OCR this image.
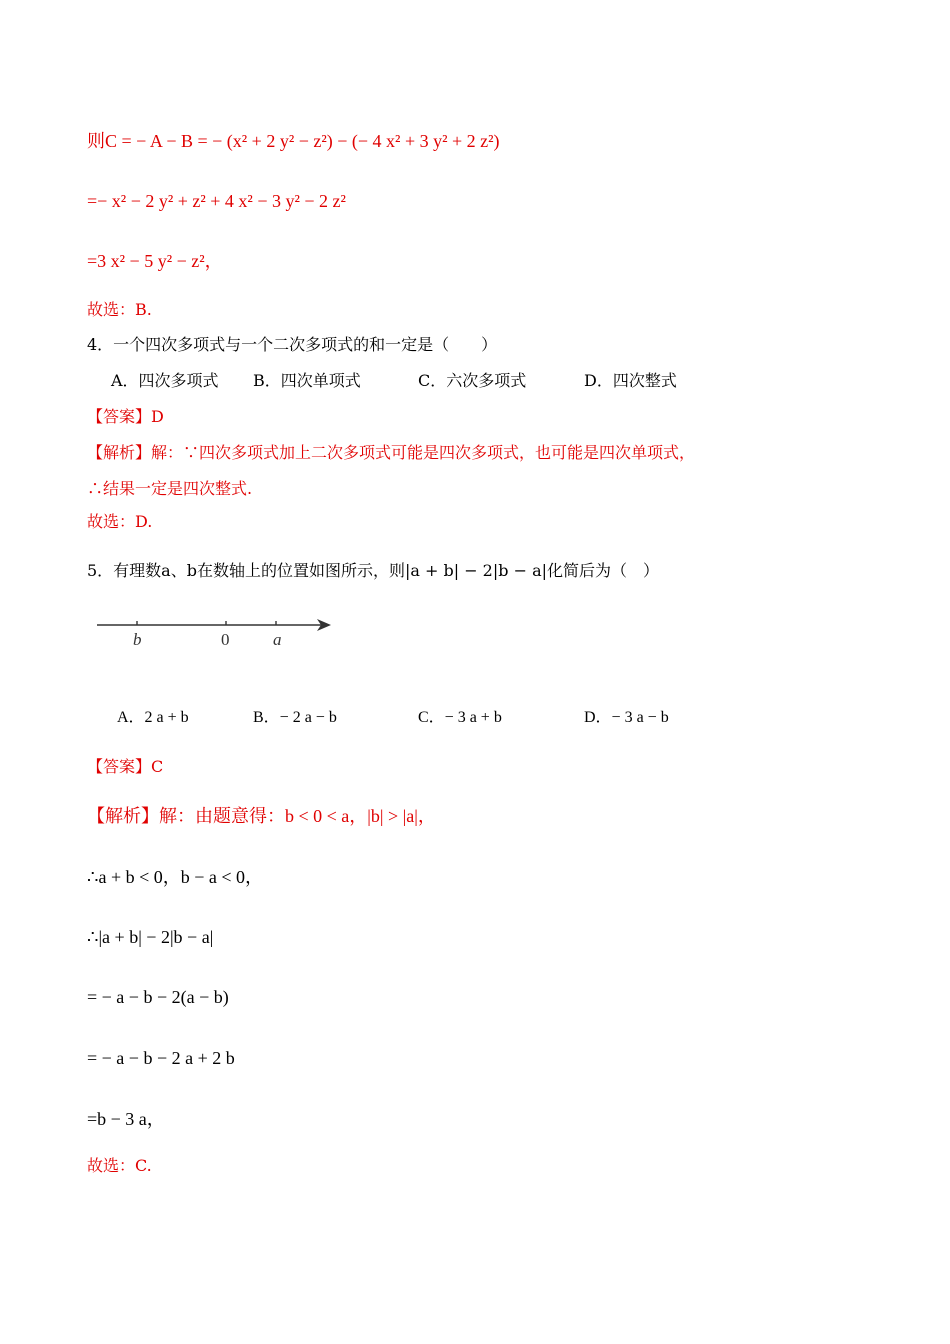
则C = − A − B = − (x² + 2 y² − z²) − (− 4 x² + 3 y² + 2 z²)
=− x² − 2 y² + z² + 4 x² − 3 y² − 2 z²
=3 x² − 5 y² − z²，
故选：B.
4．一个四次多项式与一个二次多项式的和一定是（　　）
A．四次多项式 B．四次单项式	C．六次多项式	D．四次整式
【答案】D
【解析】解：∵四次多项式加上二次多项式可能是四次多项式，也可能是四次单项式，
∴结果一定是四次整式.
故选：D.
5．有理数a、b在数轴上的位置如图所示，则|a + b| − 2|b − a|化简后为（　）
b	0	a
A．2 a + b	B．− 2 a − b	C．− 3 a + b	D．− 3 a − b
【答案】C
【解析】解：由题意得：b < 0 < a，|b| > |a|，
∴a + b < 0，b − a < 0，
∴|a + b| − 2|b − a|
= − a − b − 2(a − b)
= − a − b − 2 a + 2 b
=b − 3 a，
故选：C.
